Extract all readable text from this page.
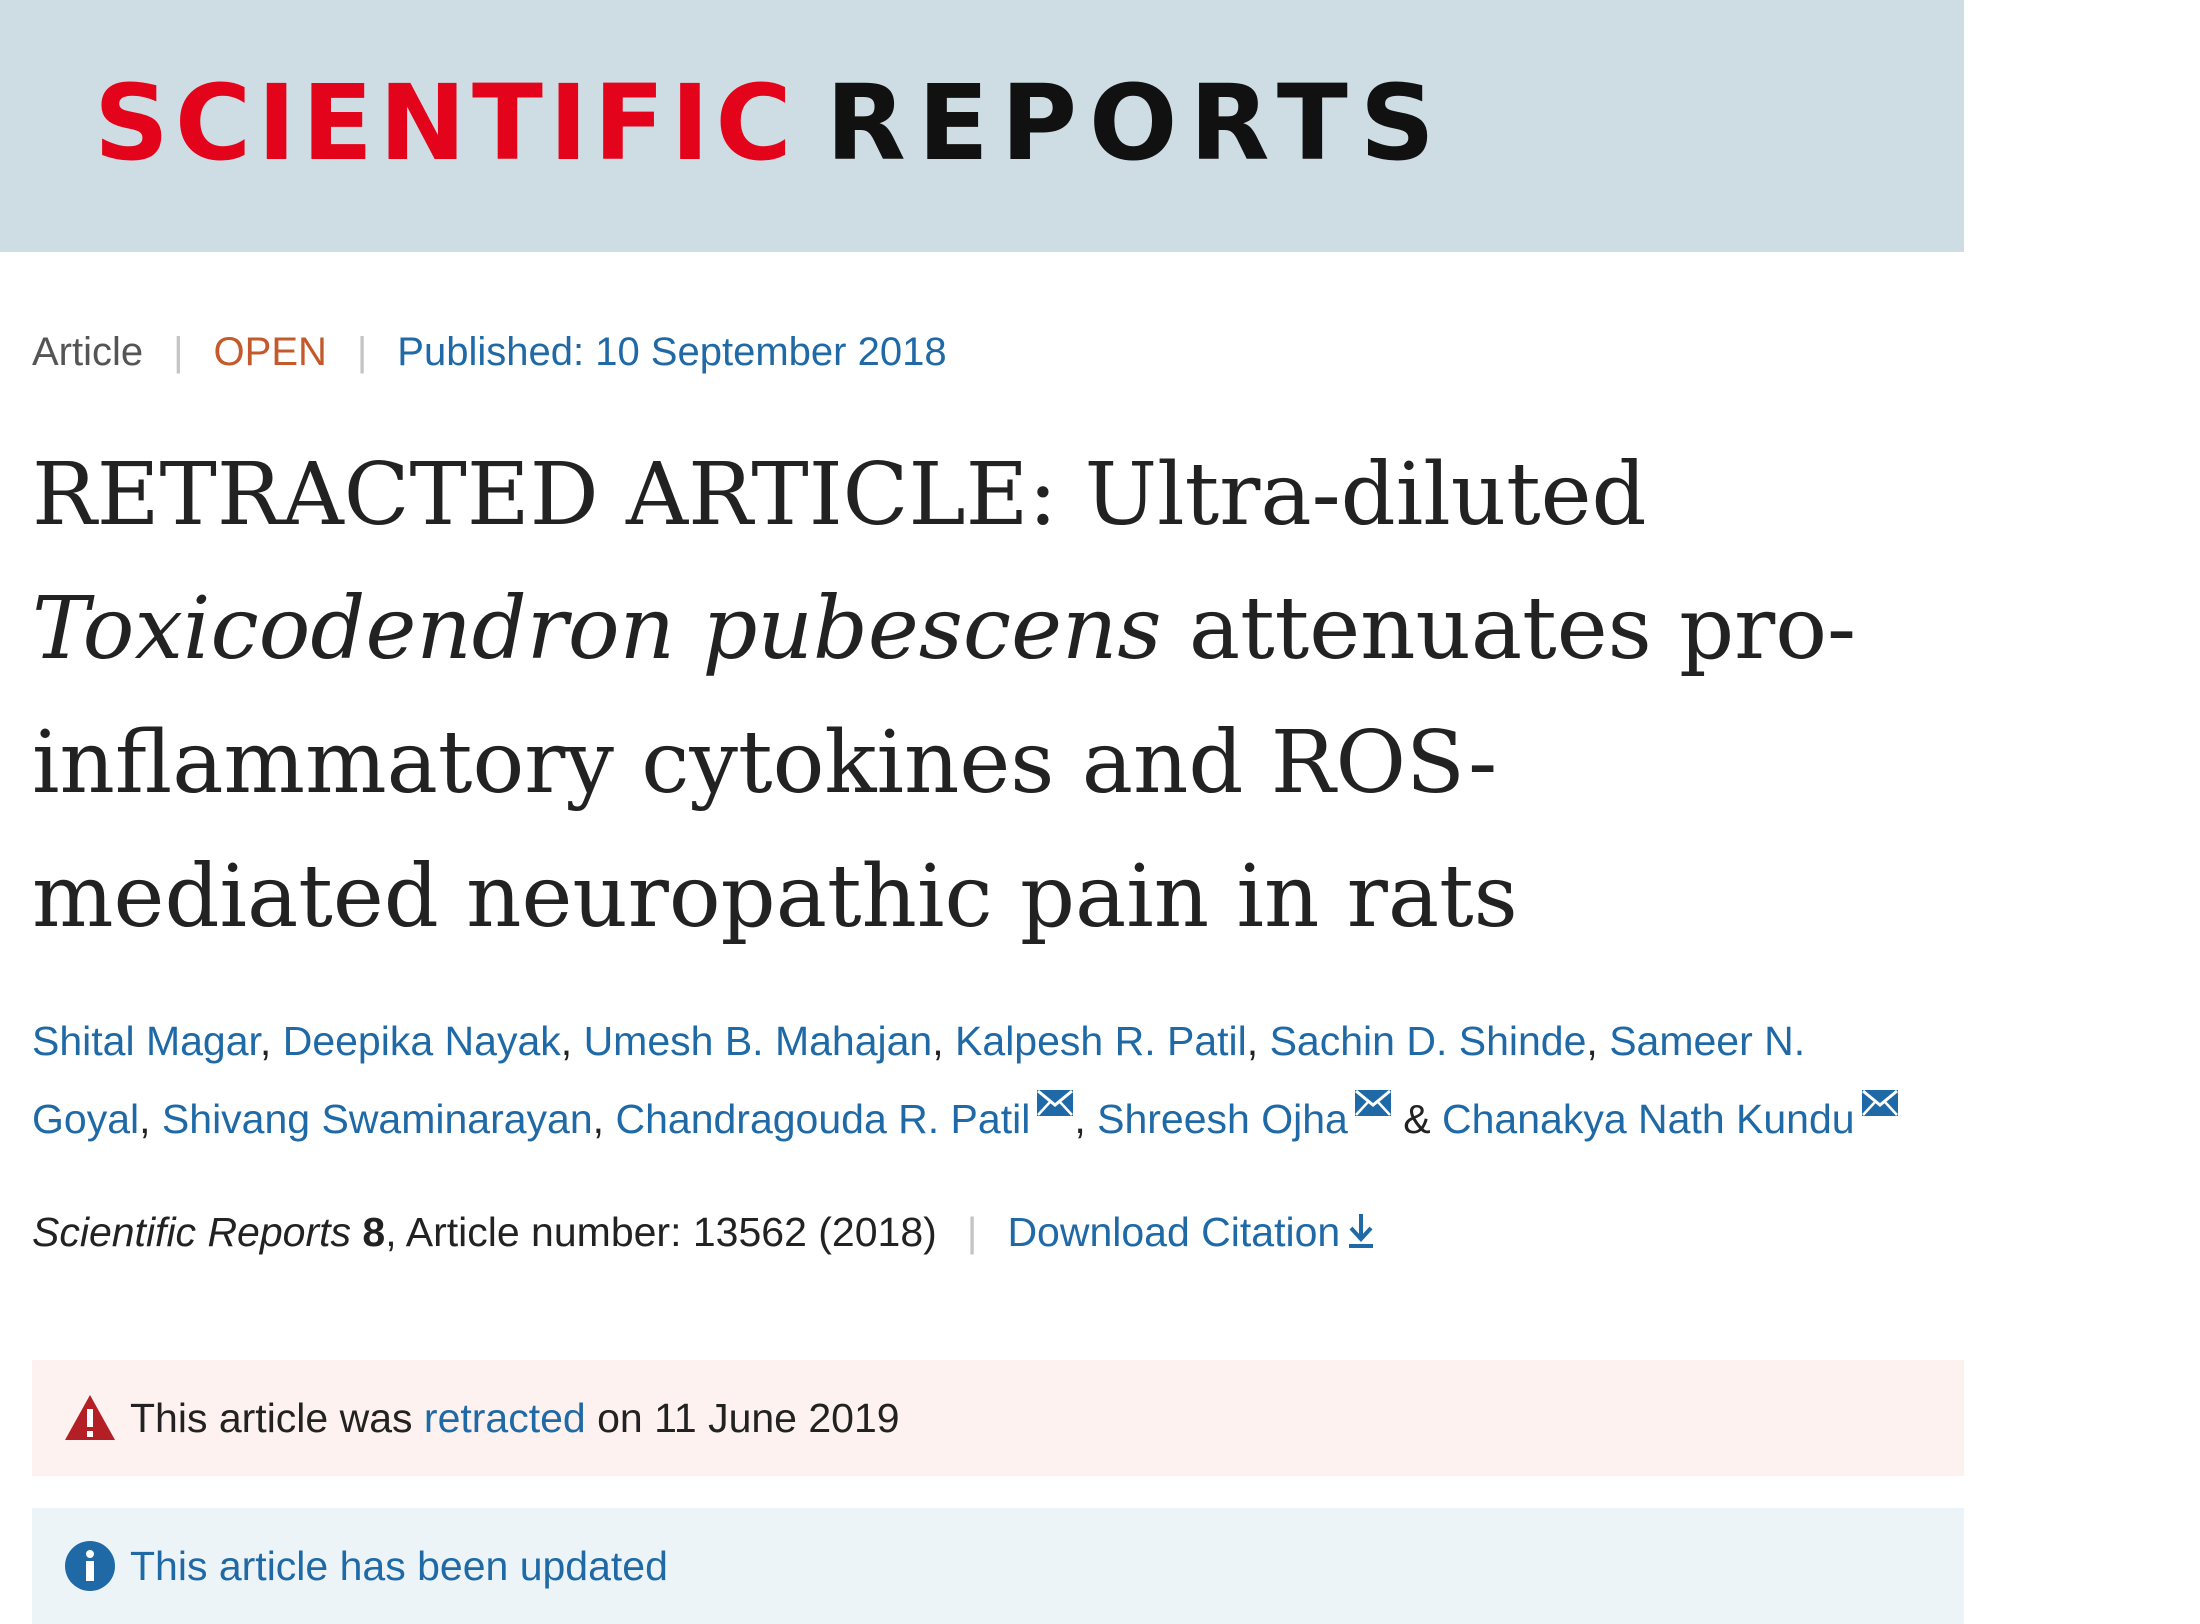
SCIENTIFIC REPORTS
Article | OPEN | Published: 10 September 2018
RETRACTED ARTICLE: Ultra-diluted
Toxicodendron pubescens attenuates pro-
inflammatory cytokines and ROS-
mediated neuropathic pain in rats
Shital Magar, Deepika Nayak, Umesh B. Mahajan, Kalpesh R. Patil, Sachin D. Shinde, Sameer N.
Goyal, Shivang Swaminarayan, Chandragouda R. Patil , Shreesh Ojha & Chanakya Nath Kundu
Scientific Reports 8, Article number: 13562 (2018) | Download Citation
This article was retracted on 11 June 2019
This article has been updated
